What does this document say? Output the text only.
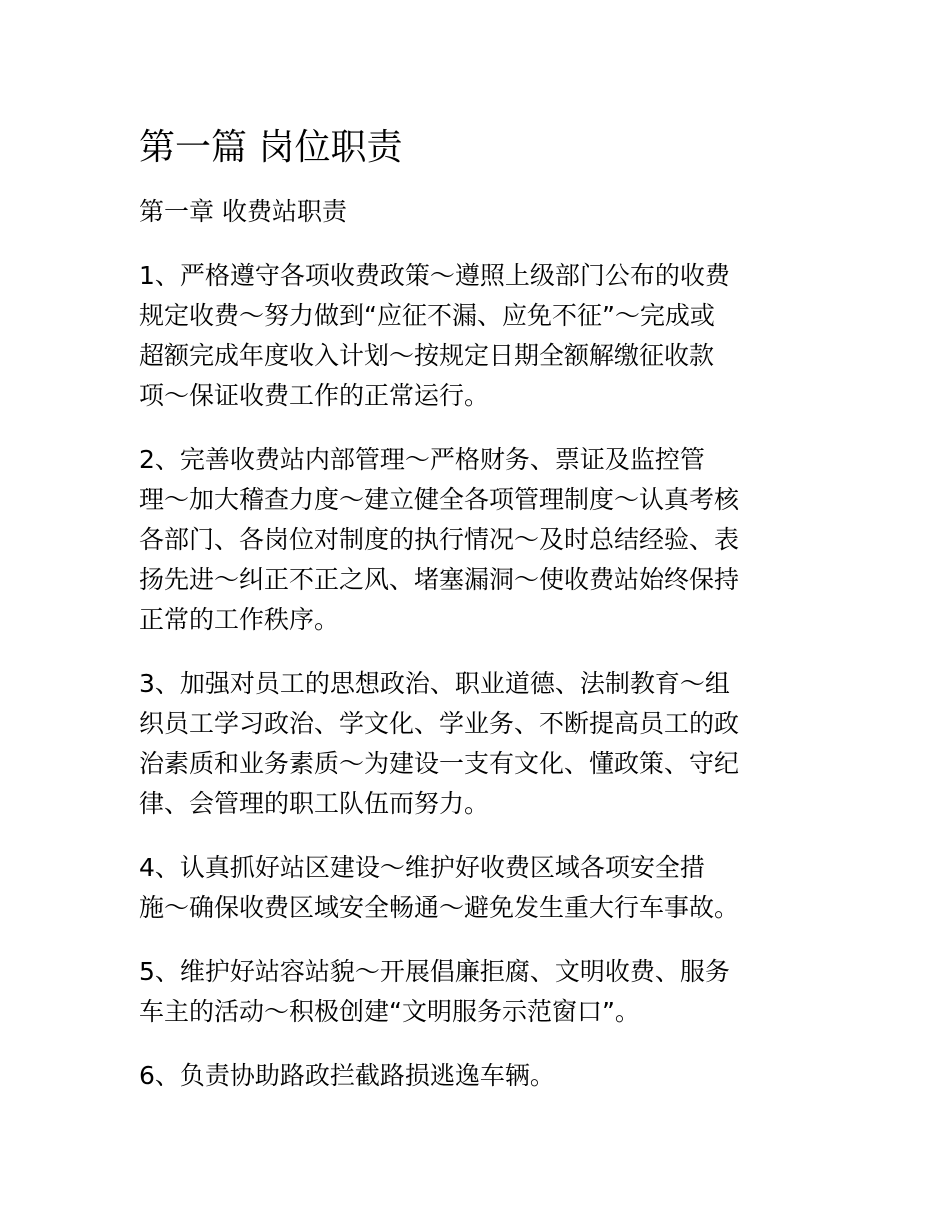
第一篇 岗位职责
第一章 收费站职责
1、严格遵守各项收费政策～遵照上级部门公布的收费
规定收费～努力做到“应征不漏、应免不征”～完成或
超额完成年度收入计划～按规定日期全额解缴征收款
项～保证收费工作的正常运行。
2、完善收费站内部管理～严格财务、票证及监控管
理～加大稽查力度～建立健全各项管理制度～认真考核
各部门、各岗位对制度的执行情况～及时总结经验、表
扬先进～纠正不正之风、堵塞漏洞～使收费站始终保持
正常的工作秩序。
3、加强对员工的思想政治、职业道德、法制教育～组
织员工学习政治、学文化、学业务、不断提高员工的政
治素质和业务素质～为建设一支有文化、懂政策、守纪
律、会管理的职工队伍而努力。
4、认真抓好站区建设～维护好收费区域各项安全措
施～确保收费区域安全畅通～避免发生重大行车事故。
5、维护好站容站貌～开展倡廉拒腐、文明收费、服务
车主的活动～积极创建“文明服务示范窗口”。
6、负责协助路政拦截路损逃逸车辆。
